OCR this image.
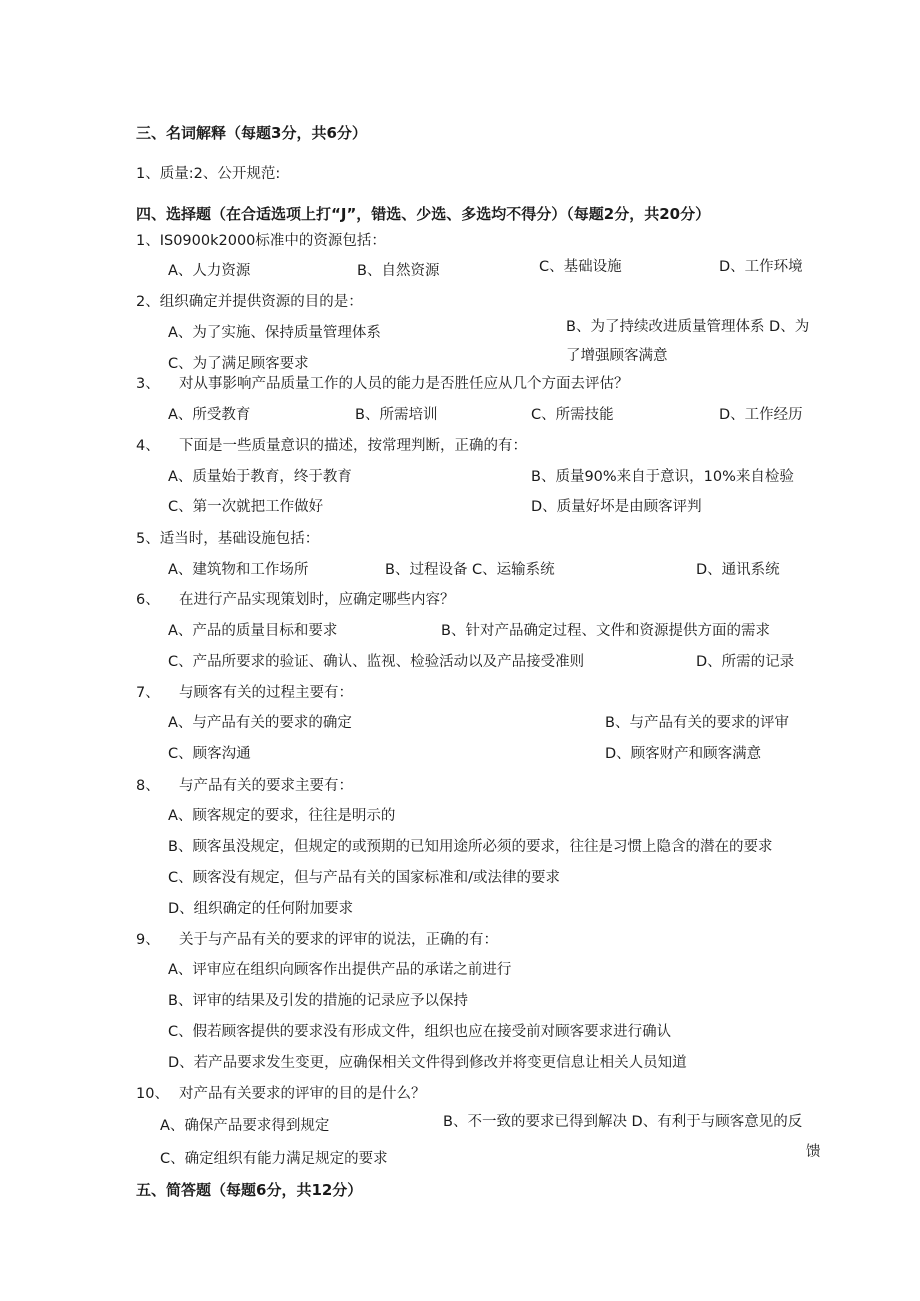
三、名词解释（每题3分，共6分）
1、质量:2、公开规范:
四、选择题（在合适选项上打“J”，错选、少选、多选均不得分）（每题2分，共20分）
1、IS0900k2000标准中的资源包括：
A、人力资源	B、自然资源	C、基础设施	D、工作环境
2、组织确定并提供资源的目的是：
A、为了实施、保持质量管理体系	B、为了持续改进质量管理体系 D、为
了增强顾客满意
C、为了满足顾客要求
3、 对从事影响产品质量工作的人员的能力是否胜任应从几个方面去评估？
A、所受教育	B、所需培训	C、所需技能	D、工作经历
4、 下面是一些质量意识的描述，按常理判断，正确的有：
A、质量始于教育，终于教育	B、质量90%来自于意识，10%来自检验
C、第一次就把工作做好	D、质量好坏是由顾客评判
5、适当时，基础设施包括：
A、建筑物和工作场所	B、过程设备 C、运输系统	D、通讯系统
6、 在进行产品实现策划时，应确定哪些内容？
A、产品的质量目标和要求	B、针对产品确定过程、文件和资源提供方面的需求
C、产品所要求的验证、确认、监视、检验活动以及产品接受准则	D、所需的记录
7、 与顾客有关的过程主要有：
A、与产品有关的要求的确定	B、与产品有关的要求的评审
C、顾客沟通	D、顾客财产和顾客满意
8、 与产品有关的要求主要有：
A、顾客规定的要求，往往是明示的
B、顾客虽没规定，但规定的或预期的已知用途所必须的要求，往往是习惯上隐含的潜在的要求
C、顾客没有规定，但与产品有关的国家标准和/或法律的要求
D、组织确定的任何附加要求
9、 关于与产品有关的要求的评审的说法，正确的有：
A、评审应在组织向顾客作出提供产品的承诺之前进行
B、评审的结果及引发的措施的记录应予以保持
C、假若顾客提供的要求没有形成文件，组织也应在接受前对顾客要求进行确认
D、若产品要求发生变更，应确保相关文件得到修改并将变更信息让相关人员知道
10、 对产品有关要求的评审的目的是什么？
A、确保产品要求得到规定	B、不一致的要求已得到解决 D、有利于与顾客意见的反
馈
C、确定组织有能力满足规定的要求
五、简答题（每题6分，共12分）
